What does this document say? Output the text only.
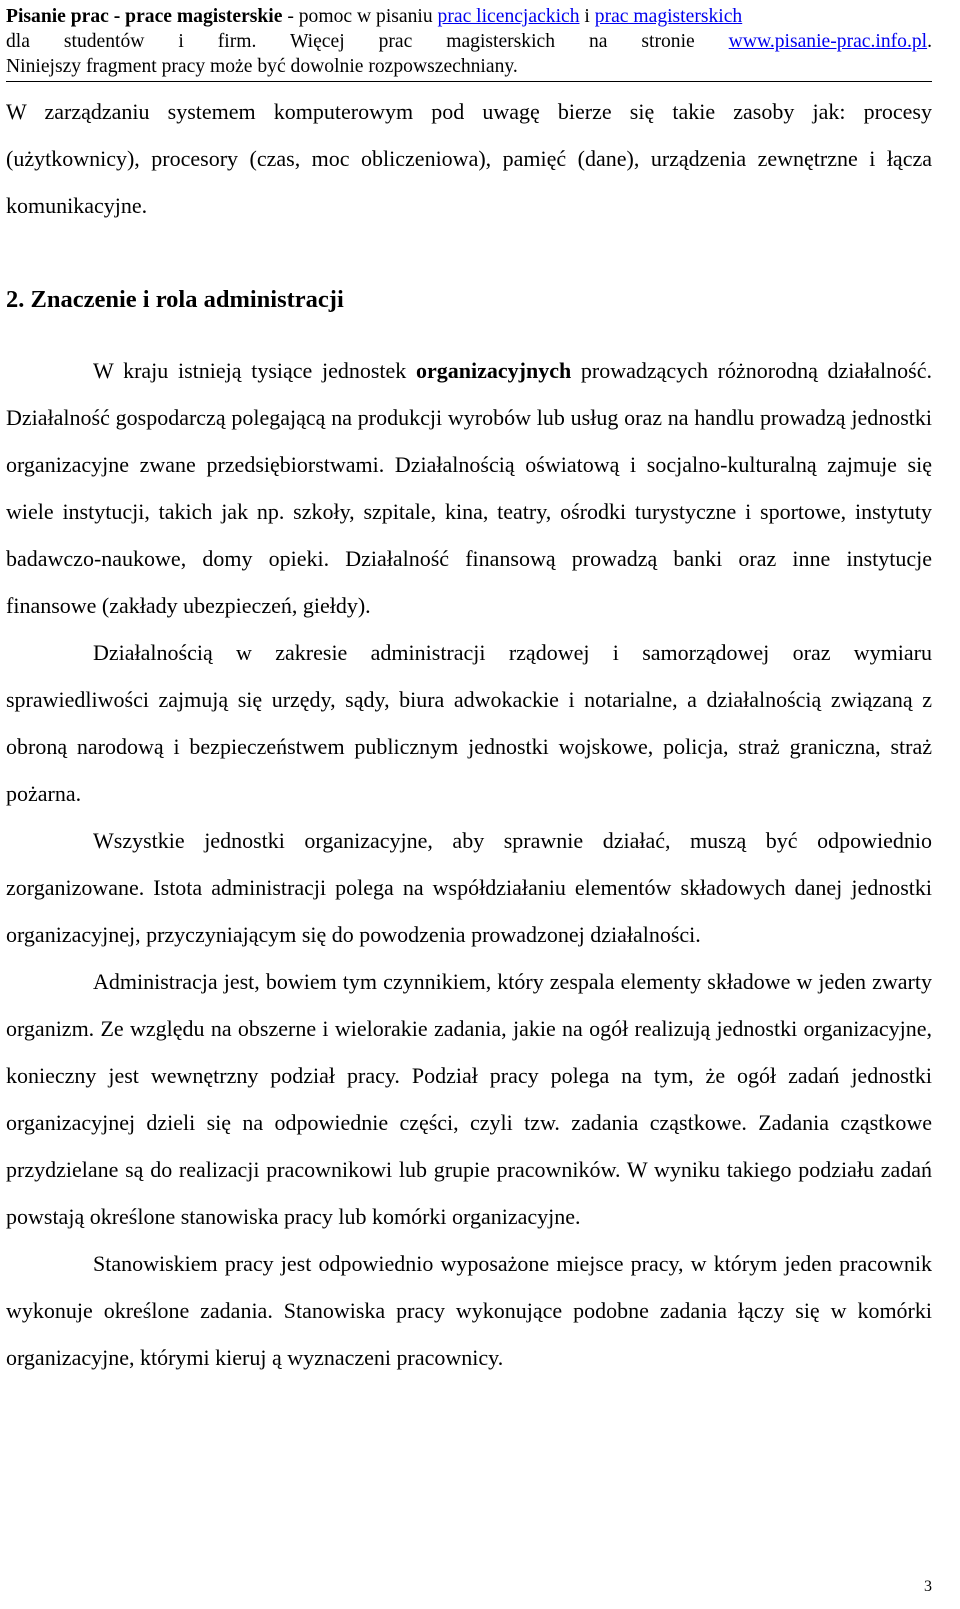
Pisanie prac - prace magisterskie - pomoc w pisaniu prac licencjackich i prac magisterskich
dla studentów i firm. Więcej prac magisterskich na stronie www.pisanie-prac.info.pl.
Niniejszy fragment pracy może być dowolnie rozpowszechniany.

W zarządzaniu systemem komputerowym pod uwagę bierze się takie zasoby jak: procesy (użytkownicy), procesory (czas, moc obliczeniowa), pamięć (dane), urządzenia zewnętrzne i łącza komunikacyjne.

2. Znaczenie i rola administracji

W kraju istnieją tysiące jednostek organizacyjnych prowadzących różnorodną działalność. Działalność gospodarczą polegającą na produkcji wyrobów lub usług oraz na handlu prowadzą jednostki organizacyjne zwane przedsiębiorstwami. Działalnością oświatową i socjalno-kulturalną zajmuje się wiele instytucji, takich jak np. szkoły, szpitale, kina, teatry, ośrodki turystyczne i sportowe, instytuty badawczo-naukowe, domy opieki. Działalność finansową prowadzą banki oraz inne instytucje finansowe (zakłady ubezpieczeń, giełdy).

Działalnością w zakresie administracji rządowej i samorządowej oraz wymiaru sprawiedliwości zajmują się urzędy, sądy, biura adwokackie i notarialne, a działalnością związaną z obroną narodową i bezpieczeństwem publicznym jednostki wojskowe, policja, straż graniczna, straż pożarna.

Wszystkie jednostki organizacyjne, aby sprawnie działać, muszą być odpowiednio zorganizowane. Istota administracji polega na współdziałaniu elementów składowych danej jednostki organizacyjnej, przyczyniającym się do powodzenia prowadzonej działalności.

Administracja jest, bowiem tym czynnikiem, który zespala elementy składowe w jeden zwarty organizm. Ze względu na obszerne i wielorakie zadania, jakie na ogół realizują jednostki organizacyjne, konieczny jest wewnętrzny podział pracy. Podział pracy polega na tym, że ogół zadań jednostki organizacyjnej dzieli się na odpowiednie części, czyli tzw. zadania cząstkowe. Zadania cząstkowe przydzielane są do realizacji pracownikowi lub grupie pracowników. W wyniku takiego podziału zadań powstają określone stanowiska pracy lub komórki organizacyjne.

Stanowiskiem pracy jest odpowiednio wyposażone miejsce pracy, w którym jeden pracownik wykonuje określone zadania. Stanowiska pracy wykonujące podobne zadania łączy się w komórki organizacyjne, którymi kieruj ą wyznaczeni pracownicy.

3
